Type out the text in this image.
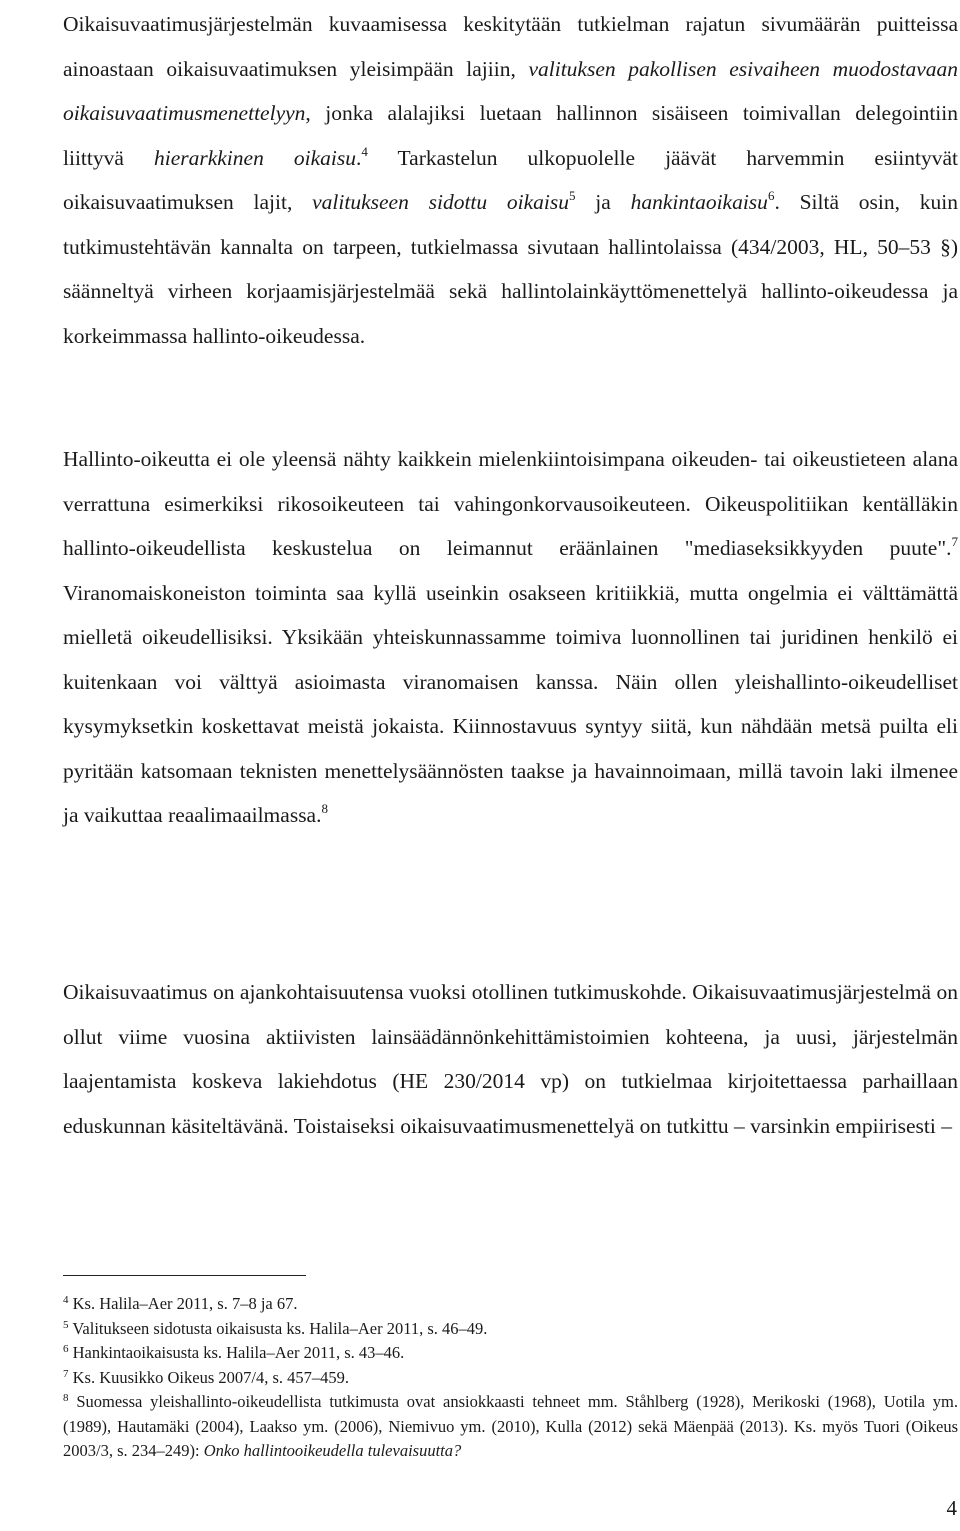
Oikaisuvaatimusjärjestelmän kuvaamisessa keskitytään tutkielman rajatun sivumäärän puitteissa ainoastaan oikaisuvaatimuksen yleisimpään lajiin, valituksen pakollisen esivaiheen muodostavaan oikaisuvaatimusmenettelyyn, jonka alalajiksi luetaan hallinnon sisäiseen toimivallan delegointiin liittyvä hierarkkinen oikaisu.$^4$ Tarkastelun ulkopuolelle jäävät harvemmin esiintyvät oikaisuvaatimuksen lajit, valitukseen sidottu oikaisu$^5$ ja hankintaoikaisu$^6$. Siltä osin, kuin tutkimustehtävän kannalta on tarpeen, tutkielmassa sivutaan hallintolaissa (434/2003, HL, 50–53 §) säänneltyä virheen korjaamisjärjestelmää sekä hallintolainkäyttömenettelyä hallinto-oikeudessa ja korkeimmassa hallinto-oikeudessa.

Hallinto-oikeutta ei ole yleensä nähty kaikkein mielenkiintoisimpana oikeuden- tai oikeustieteen alana verrattuna esimerkiksi rikosoikeuteen tai vahingonkorvausoikeuteen. Oikeuspolitiikan kentälläkin hallinto-oikeudellista keskustelua on leimannut eräänlainen "mediaseksikkyyden puute".$^7$ Viranomaiskoneiston toiminta saa kyllä useinkin osakseen kritiikkiä, mutta ongelmia ei välttämättä mielletä oikeudellisiksi. Yksikään yhteiskunnassamme toimiva luonnollinen tai juridinen henkilö ei kuitenkaan voi välttyä asioimasta viranomaisen kanssa. Näin ollen yleishallinto-oikeudelliset kysymyksetkin koskettavat meistä jokaista. Kiinnostavuus syntyy siitä, kun nähdään metsä puilta eli pyritään katsomaan teknisten menettelysäännösten taakse ja havainnoimaan, millä tavoin laki ilmenee ja vaikuttaa reaalimaailmassa.$^8$

Oikaisuvaatimus on ajankohtaisuutensa vuoksi otollinen tutkimuskohde. Oikaisuvaatimusjärjestelmä on ollut viime vuosina aktiivisten lainsäädännönkehittämistoimien kohteena, ja uusi, järjestelmän laajentamista koskeva lakiehdotus (HE 230/2014 vp) on tutkielmaa kirjoitettaessa parhaillaan eduskunnan käsiteltävänä. Toistaiseksi oikaisuvaatimusmenettelyä on tutkittu – varsinkin empiirisesti –

$^4$ Ks. Halila–Aer 2011, s. 7–8 ja 67.

$^5$ Valitukseen sidotusta oikaisusta ks. Halila–Aer 2011, s. 46–49.

$^6$ Hankintaoikaisusta ks. Halila–Aer 2011, s. 43–46.

$^7$ Ks. Kuusikko Oikeus 2007/4, s. 457–459.

$^8$ Suomessa yleishallinto-oikeudellista tutkimusta ovat ansiokkaasti tehneet mm. Ståhlberg (1928), Merikoski (1968), Uotila ym. (1989), Hautamäki (2004), Laakso ym. (2006), Niemivuo ym. (2010), Kulla (2012) sekä Mäenpää (2013). Ks. myös Tuori (Oikeus 2003/3, s. 234–249): Onko hallintooikeudella tulevaisuutta?

4
